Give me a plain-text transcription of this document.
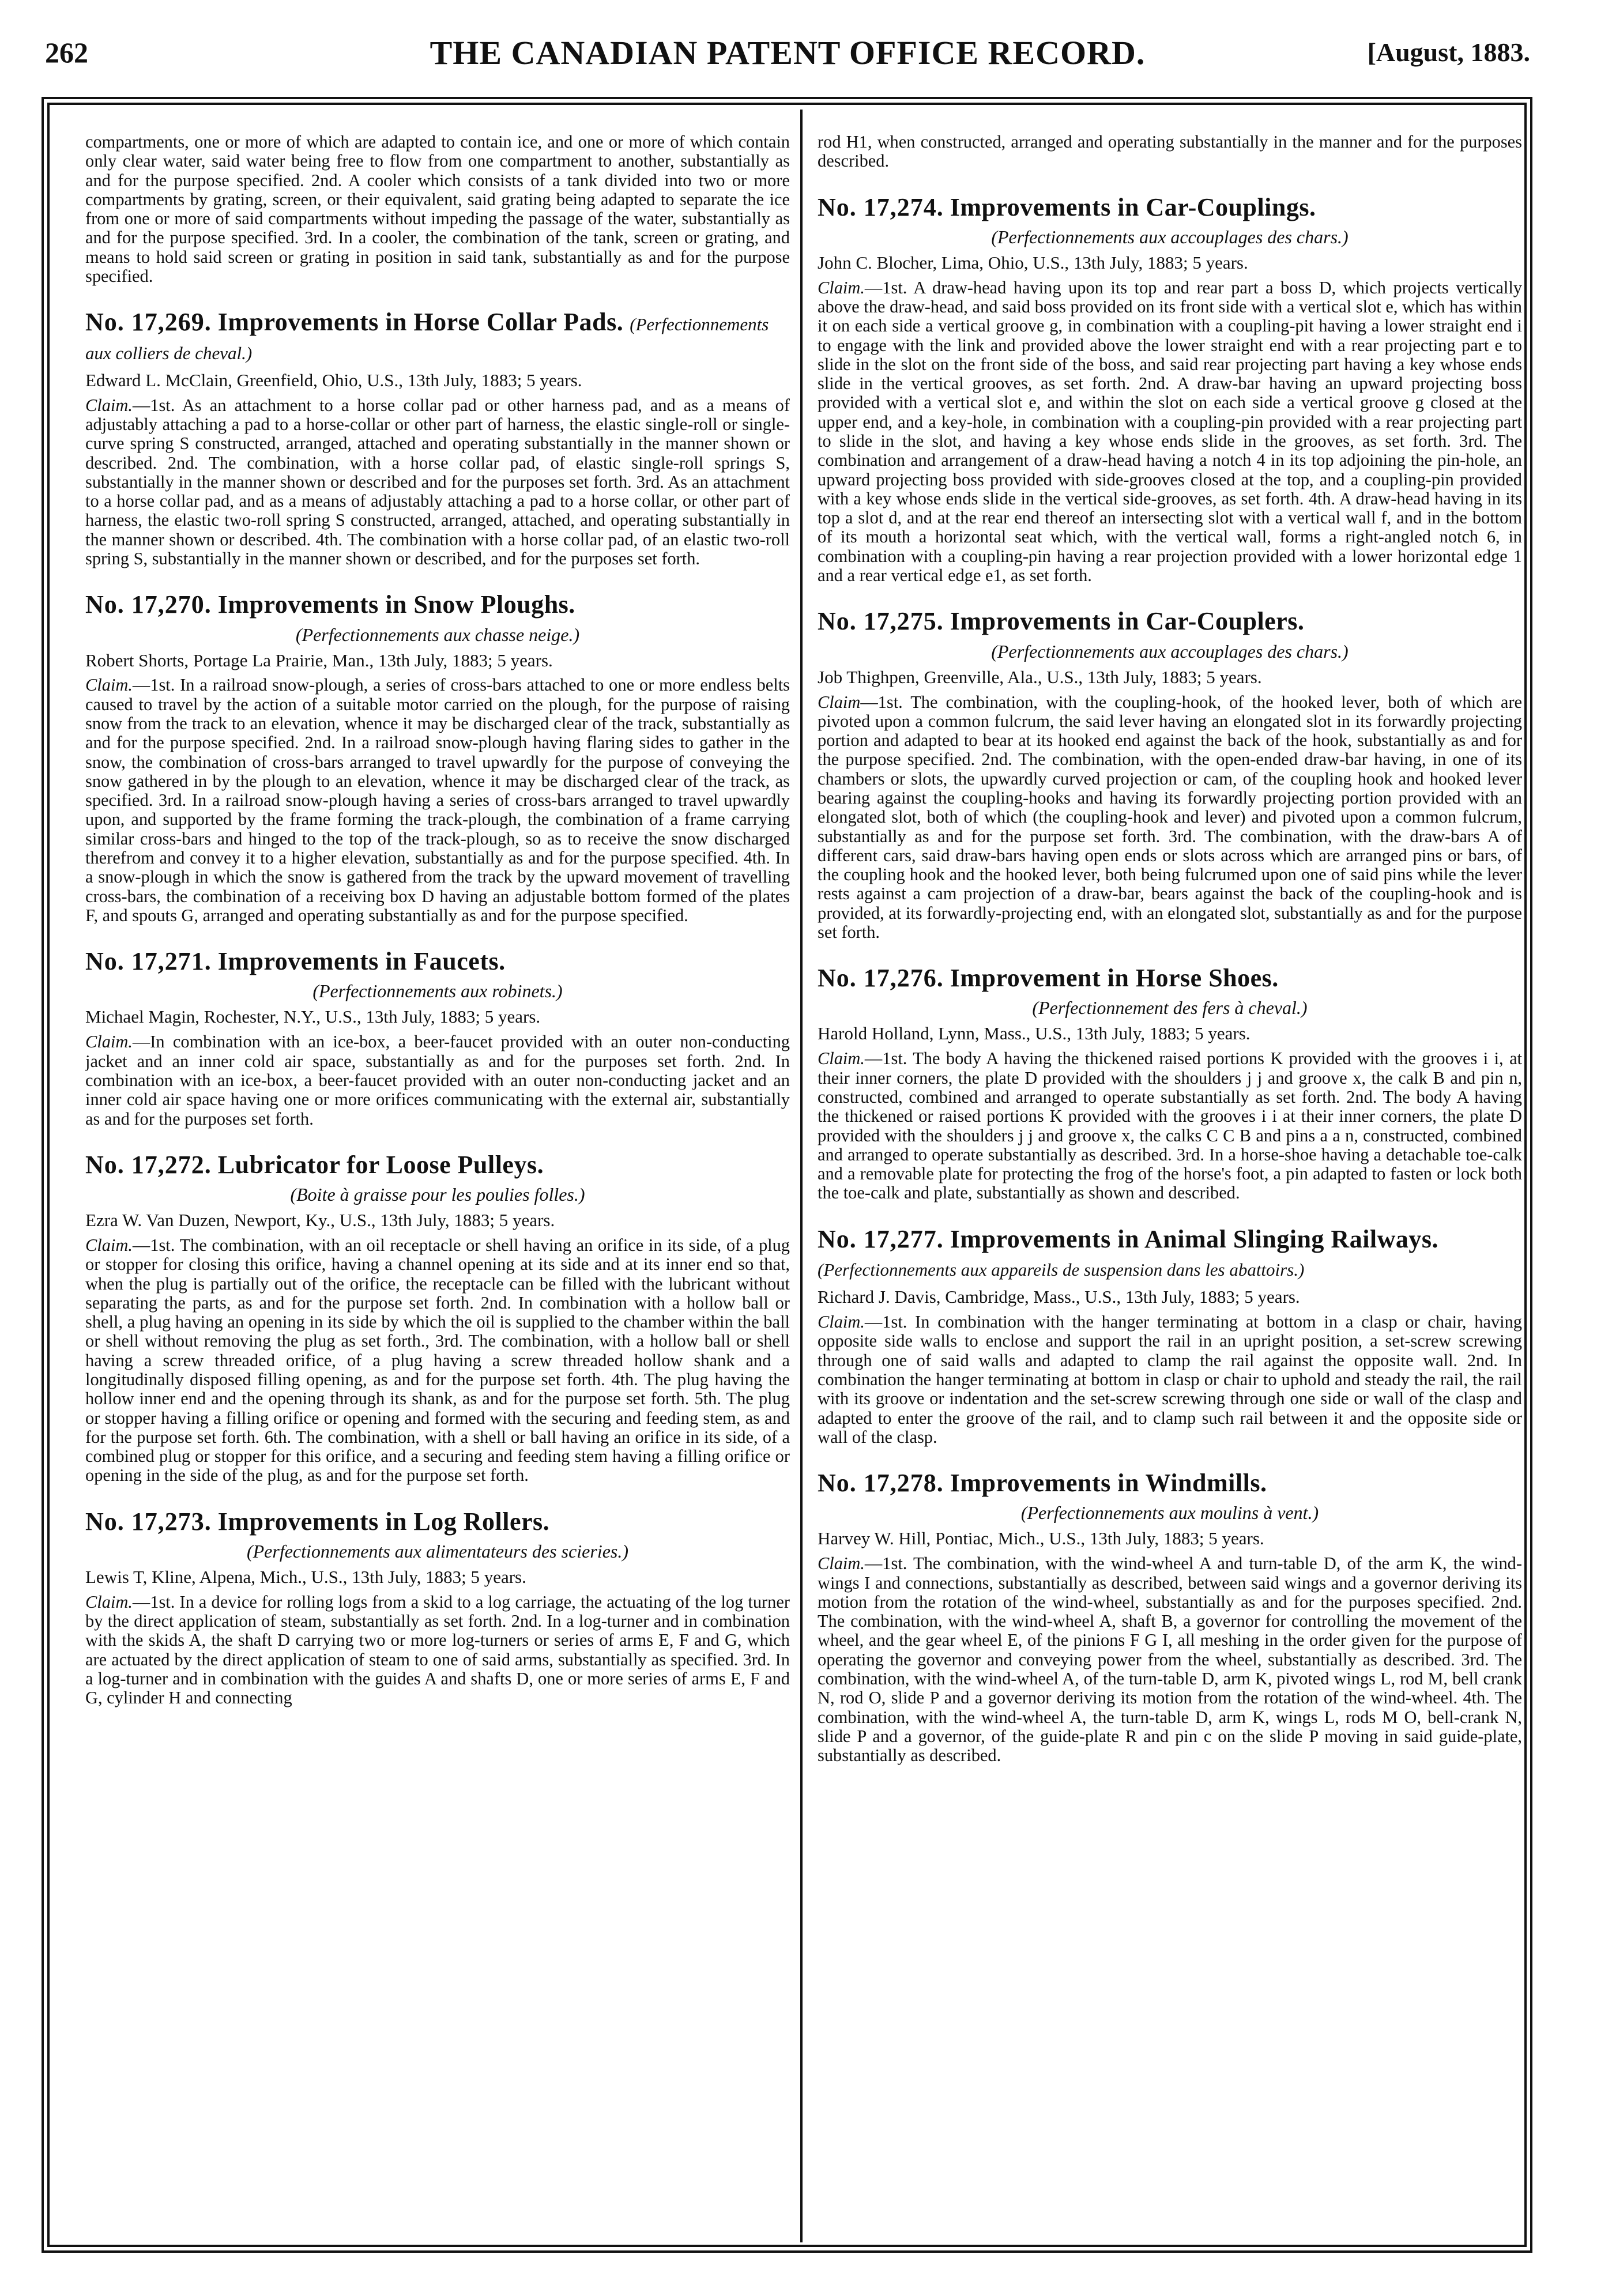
262	THE CANADIAN PATENT OFFICE RECORD.	[August, 1883.

compartments, one or more of which are adapted to contain ice, and one or more of which contain only clear water, said water being free to flow from one compartment to another, substantially as and for the purpose specified. 2nd. A cooler which consists of a tank divided into two or more compartments by grating, screen, or their equivalent, said grating being adapted to separate the ice from one or more of said compartments without impeding the passage of the water, substantially as and for the purpose specified. 3rd. In a cooler, the combination of the tank, screen or grating, and means to hold said screen or grating in position in said tank, substantially as and for the purpose specified.

No. 17,269. Improvements in Horse Collar Pads. (Perfectionnements aux colliers de cheval.)

Edward L. McClain, Greenfield, Ohio, U.S., 13th July, 1883; 5 years.

Claim.—1st. As an attachment to a horse collar pad or other harness pad, and as a means of adjustably attaching a pad to a horse-collar or other part of harness, the elastic single-roll or single-curve spring S constructed, arranged, attached and operating substantially in the manner shown or described. 2nd. The combination, with a horse collar pad, of elastic single-roll springs S, substantially in the manner shown or described and for the purposes set forth. 3rd. As an attachment to a horse collar pad, and as a means of adjustably attaching a pad to a horse collar, or other part of harness, the elastic two-roll spring S constructed, arranged, attached, and operating substantially in the manner shown or described. 4th. The combination with a horse collar pad, of an elastic two-roll spring S, substantially in the manner shown or described, and for the purposes set forth.

No. 17,270. Improvements in Snow Ploughs.

(Perfectionnements aux chasse neige.)

Robert Shorts, Portage La Prairie, Man., 13th July, 1883; 5 years.

Claim.—1st. In a railroad snow-plough, a series of cross-bars attached to one or more endless belts caused to travel by the action of a suitable motor carried on the plough, for the purpose of raising snow from the track to an elevation, whence it may be discharged clear of the track, substantially as and for the purpose specified. 2nd. In a railroad snow-plough having flaring sides to gather in the snow, the combination of cross-bars arranged to travel upwardly for the purpose of conveying the snow gathered in by the plough to an elevation, whence it may be discharged clear of the track, as specified. 3rd. In a railroad snow-plough having a series of cross-bars arranged to travel upwardly upon, and supported by the frame forming the track-plough, the combination of a frame carrying similar cross-bars and hinged to the top of the track-plough, so as to receive the snow discharged therefrom and convey it to a higher elevation, substantially as and for the purpose specified. 4th. In a snow-plough in which the snow is gathered from the track by the upward movement of travelling cross-bars, the combination of a receiving box D having an adjustable bottom formed of the plates F, and spouts G, arranged and operating substantially as and for the purpose specified.

No. 17,271. Improvements in Faucets.

(Perfectionnements aux robinets.)

Michael Magin, Rochester, N.Y., U.S., 13th July, 1883; 5 years.

Claim.—In combination with an ice-box, a beer-faucet provided with an outer non-conducting jacket and an inner cold air space, substantially as and for the purposes set forth. 2nd. In combination with an ice-box, a beer-faucet provided with an outer non-conducting jacket and an inner cold air space having one or more orifices communicating with the external air, substantially as and for the purposes set forth.

No. 17,272. Lubricator for Loose Pulleys.

(Boite à graisse pour les poulies folles.)

Ezra W. Van Duzen, Newport, Ky., U.S., 13th July, 1883; 5 years.

Claim.—1st. The combination, with an oil receptacle or shell having an orifice in its side, of a plug or stopper for closing this orifice, having a channel opening at its side and at its inner end so that, when the plug is partially out of the orifice, the receptacle can be filled with the lubricant without separating the parts, as and for the purpose set forth. 2nd. In combination with a hollow ball or shell, a plug having an opening in its side by which the oil is supplied to the chamber within the ball or shell without removing the plug as set forth., 3rd. The combination, with a hollow ball or shell having a screw threaded orifice, of a plug having a screw threaded hollow shank and a longitudinally disposed filling opening, as and for the purpose set forth. 4th. The plug having the hollow inner end and the opening through its shank, as and for the purpose set forth. 5th. The plug or stopper having a filling orifice or opening and formed with the securing and feeding stem, as and for the purpose set forth. 6th. The combination, with a shell or ball having an orifice in its side, of a combined plug or stopper for this orifice, and a securing and feeding stem having a filling orifice or opening in the side of the plug, as and for the purpose set forth.

No. 17,273. Improvements in Log Rollers.

(Perfectionnements aux alimentateurs des scieries.)

Lewis T, Kline, Alpena, Mich., U.S., 13th July, 1883; 5 years.

Claim.—1st. In a device for rolling logs from a skid to a log carriage, the actuating of the log turner by the direct application of steam, substantially as set forth. 2nd. In a log-turner and in combination with the skids A, the shaft D carrying two or more log-turners or series of arms E, F and G, which are actuated by the direct application of steam to one of said arms, substantially as specified. 3rd. In a log-turner and in combination with the guides A and shafts D, one or more series of arms E, F and G, cylinder H and connecting

rod H1, when constructed, arranged and operating substantially in the manner and for the purposes described.

No. 17,274. Improvements in Car-Couplings.

(Perfectionnements aux accouplages des chars.)

John C. Blocher, Lima, Ohio, U.S., 13th July, 1883; 5 years.

Claim.—1st. A draw-head having upon its top and rear part a boss D, which projects vertically above the draw-head, and said boss provided on its front side with a vertical slot e, which has within it on each side a vertical groove g, in combination with a coupling-pit having a lower straight end i to engage with the link and provided above the lower straight end with a rear projecting part e to slide in the slot on the front side of the boss, and said rear projecting part having a key whose ends slide in the vertical grooves, as set forth. 2nd. A draw-bar having an upward projecting boss provided with a vertical slot e, and within the slot on each side a vertical groove g closed at the upper end, and a key-hole, in combination with a coupling-pin provided with a rear projecting part to slide in the slot, and having a key whose ends slide in the grooves, as set forth. 3rd. The combination and arrangement of a draw-head having a notch 4 in its top adjoining the pin-hole, an upward projecting boss provided with side-grooves closed at the top, and a coupling-pin provided with a key whose ends slide in the vertical side-grooves, as set forth. 4th. A draw-head having in its top a slot d, and at the rear end thereof an intersecting slot with a vertical wall f, and in the bottom of its mouth a horizontal seat which, with the vertical wall, forms a right-angled notch 6, in combination with a coupling-pin having a rear projection provided with a lower horizontal edge 1 and a rear vertical edge e1, as set forth.

No. 17,275. Improvements in Car-Couplers.

(Perfectionnements aux accouplages des chars.)

Job Thighpen, Greenville, Ala., U.S., 13th July, 1883; 5 years.

Claim—1st. The combination, with the coupling-hook, of the hooked lever, both of which are pivoted upon a common fulcrum, the said lever having an elongated slot in its forwardly projecting portion and adapted to bear at its hooked end against the back of the hook, substantially as and for the purpose specified. 2nd. The combination, with the open-ended draw-bar having, in one of its chambers or slots, the upwardly curved projection or cam, of the coupling hook and hooked lever bearing against the coupling-hooks and having its forwardly projecting portion provided with an elongated slot, both of which (the coupling-hook and lever) and pivoted upon a common fulcrum, substantially as and for the purpose set forth. 3rd. The combination, with the draw-bars A of different cars, said draw-bars having open ends or slots across which are arranged pins or bars, of the coupling hook and the hooked lever, both being fulcrumed upon one of said pins while the lever rests against a cam projection of a draw-bar, bears against the back of the coupling-hook and is provided, at its forwardly-projecting end, with an elongated slot, substantially as and for the purpose set forth.

No. 17,276. Improvement in Horse Shoes.

(Perfectionnement des fers à cheval.)

Harold Holland, Lynn, Mass., U.S., 13th July, 1883; 5 years.

Claim.—1st. The body A having the thickened raised portions K provided with the grooves i i, at their inner corners, the plate D provided with the shoulders j j and groove x, the calk B and pin n, constructed, combined and arranged to operate substantially as set forth. 2nd. The body A having the thickened or raised portions K provided with the grooves i i at their inner corners, the plate D provided with the shoulders j j and groove x, the calks C C B and pins a a n, constructed, combined and arranged to operate substantially as described. 3rd. In a horse-shoe having a detachable toe-calk and a removable plate for protecting the frog of the horse's foot, a pin adapted to fasten or lock both the toe-calk and plate, substantially as shown and described.

No. 17,277. Improvements in Animal Slinging Railways. (Perfectionnements aux appareils de suspension dans les abattoirs.)

Richard J. Davis, Cambridge, Mass., U.S., 13th July, 1883; 5 years.

Claim.—1st. In combination with the hanger terminating at bottom in a clasp or chair, having opposite side walls to enclose and support the rail in an upright position, a set-screw screwing through one of said walls and adapted to clamp the rail against the opposite wall. 2nd. In combination the hanger terminating at bottom in clasp or chair to uphold and steady the rail, the rail with its groove or indentation and the set-screw screwing through one side or wall of the clasp and adapted to enter the groove of the rail, and to clamp such rail between it and the opposite side or wall of the clasp.

No. 17,278. Improvements in Windmills.

(Perfectionnements aux moulins à vent.)

Harvey W. Hill, Pontiac, Mich., U.S., 13th July, 1883; 5 years.

Claim.—1st. The combination, with the wind-wheel A and turn-table D, of the arm K, the wind-wings I and connections, substantially as described, between said wings and a governor deriving its motion from the rotation of the wind-wheel, substantially as and for the purposes specified. 2nd. The combination, with the wind-wheel A, shaft B, a governor for controlling the movement of the wheel, and the gear wheel E, of the pinions F G I, all meshing in the order given for the purpose of operating the governor and conveying power from the wheel, substantially as described. 3rd. The combination, with the wind-wheel A, of the turn-table D, arm K, pivoted wings L, rod M, bell crank N, rod O, slide P and a governor deriving its motion from the rotation of the wind-wheel. 4th. The combination, with the wind-wheel A, the turn-table D, arm K, wings L, rods M O, bell-crank N, slide P and a governor, of the guide-plate R and pin c on the slide P moving in said guide-plate, substantially as described.
